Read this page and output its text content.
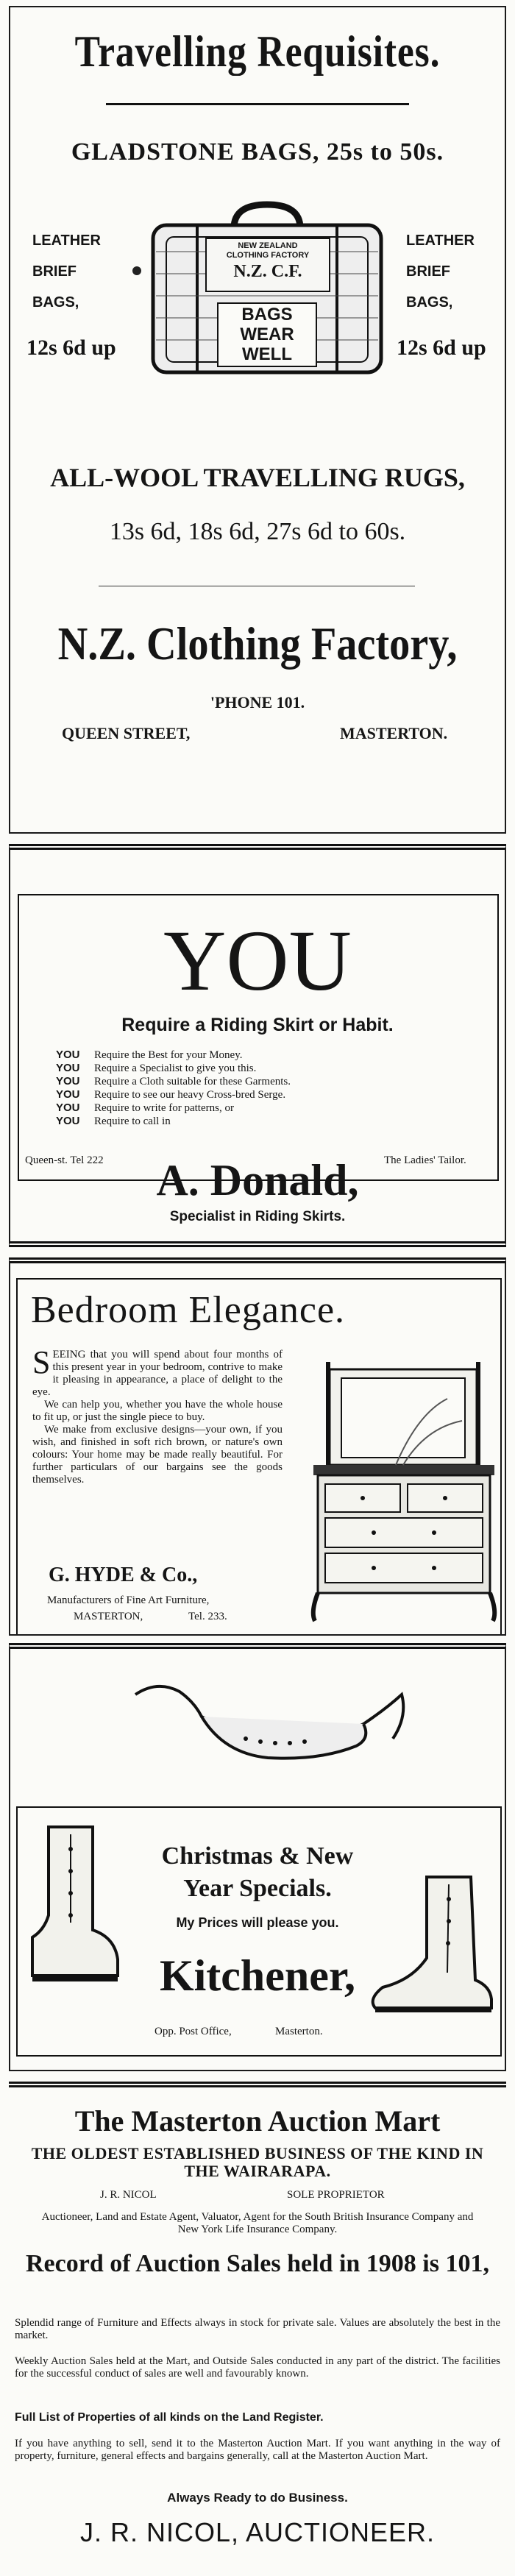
Travelling Requisites.
GLADSTONE BAGS, 25s to 50s.
LEATHER
BRIEF
BAGS,
12s 6d up
LEATHER
BRIEF
BAGS,
12s 6d up
NEW ZEALAND
CLOTHING FACTORY
N.Z. C.F.
BAGS
WEAR
WELL
ALL-WOOL TRAVELLING RUGS,
13s 6d, 18s 6d, 27s 6d to 60s.
N.Z. Clothing Factory,
'PHONE 101.
QUEEN STREET,	MASTERTON.
YOU
Require a Riding Skirt or Habit.
YOU Require the Best for your Money.
YOU Require a Specialist to give you this.
YOU Require a Cloth suitable for these Garments.
YOU Require to see our heavy Cross-bred Serge.
YOU Require to write for patterns, or
YOU Require to call in
Queen-st. Tel 222	The Ladies' Tailor.
A. Donald,
Specialist in Riding Skirts.
Bedroom Elegance.
S EEING that you will spend about four months of this present year in your bedroom, contrive to make it pleasing in appearance, a place of delight to the eye.
We can help you, whether you have the whole house to fit up, or just the single piece to buy.
We make from exclusive designs—your own, if you wish, and finished in soft rich brown, or nature's own colours: Your home may be made really beautiful. For further particulars of our bargains see the goods themselves.
G. HYDE & Co.,
Manufacturers of Fine Art Furniture,
MASTERTON,	Tel. 233.
Christmas & New
Year Specials.
My Prices will please you.
Kitchener,
Opp. Post Office,	Masterton.
The Masterton Auction Mart
THE OLDEST ESTABLISHED BUSINESS OF THE KIND IN THE WAIRARAPA.
J. R. NICOL	SOLE PROPRIETOR
Auctioneer, Land and Estate Agent, Valuator, Agent for the South British Insurance Company and New York Life Insurance Company.
Record of Auction Sales held in 1908 is 101,
Splendid range of Furniture and Effects always in stock for private sale. Values are absolutely the best in the market.
Weekly Auction Sales held at the Mart, and Outside Sales conducted in any part of the district. The facilities for the successful conduct of sales are well and favourably known.
Full List of Properties of all kinds on the Land Register.
If you have anything to sell, send it to the Masterton Auction Mart. If you want anything in the way of property, furniture, general effects and bargains generally, call at the Masterton Auction Mart.
Always Ready to do Business.
J. R. NICOL, AUCTIONEER.
